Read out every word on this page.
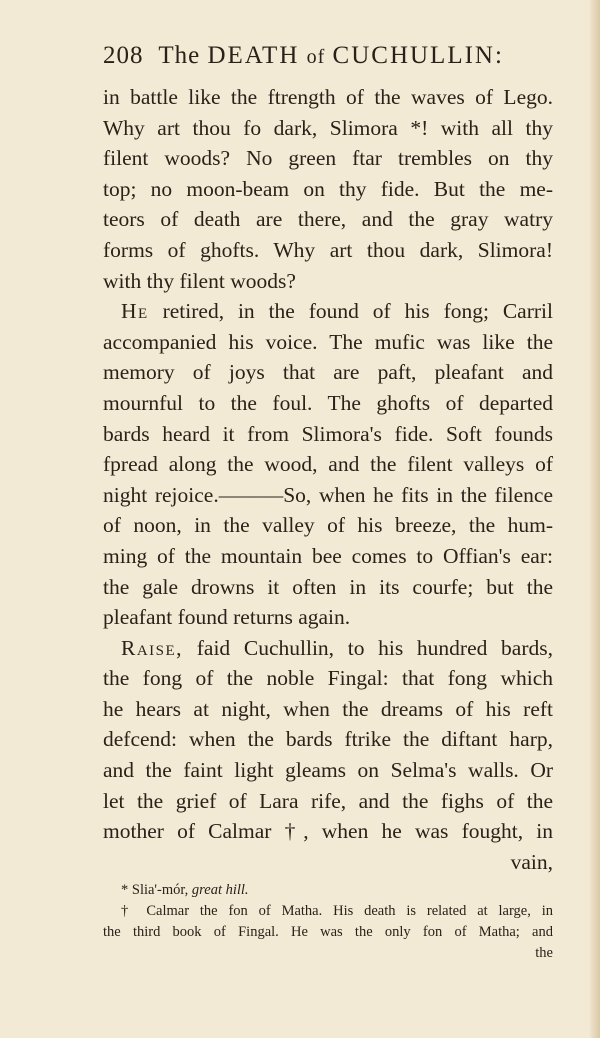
208 The DEATH of CUCHULLIN:
in battle like the ftrength of the waves of Lego.
Why art thou fo dark, Slimora *! with all thy
filent woods? No green ftar trembles on thy
top; no moon-beam on thy fide. But the me-
teors of death are there, and the gray watry
forms of ghofts. Why art thou dark, Slimora!
with thy filent woods?
He retired, in the found of his fong; Carril
accompanied his voice. The mufic was like the
memory of joys that are paft, pleafant and
mournful to the foul. The ghofts of departed
bards heard it from Slimora's fide. Soft founds
fpread along the wood, and the filent valleys of
night rejoice.———So, when he fits in the filence
of noon, in the valley of his breeze, the hum-
ming of the mountain bee comes to Offian's ear:
the gale drowns it often in its courfe; but the
pleafant found returns again.
Raise, faid Cuchullin, to his hundred bards,
the fong of the noble Fingal: that fong which
he hears at night, when the dreams of his reft
defcend: when the bards ftrike the diftant harp,
and the faint light gleams on Selma's walls. Or
let the grief of Lara rife, and the fighs of the
mother of Calmar †, when he was fought, in
vain,
* Slia'-mór, great hill.
† Calmar the fon of Matha. His death is related at large, in
the third book of Fingal. He was the only fon of Matha; and
the
